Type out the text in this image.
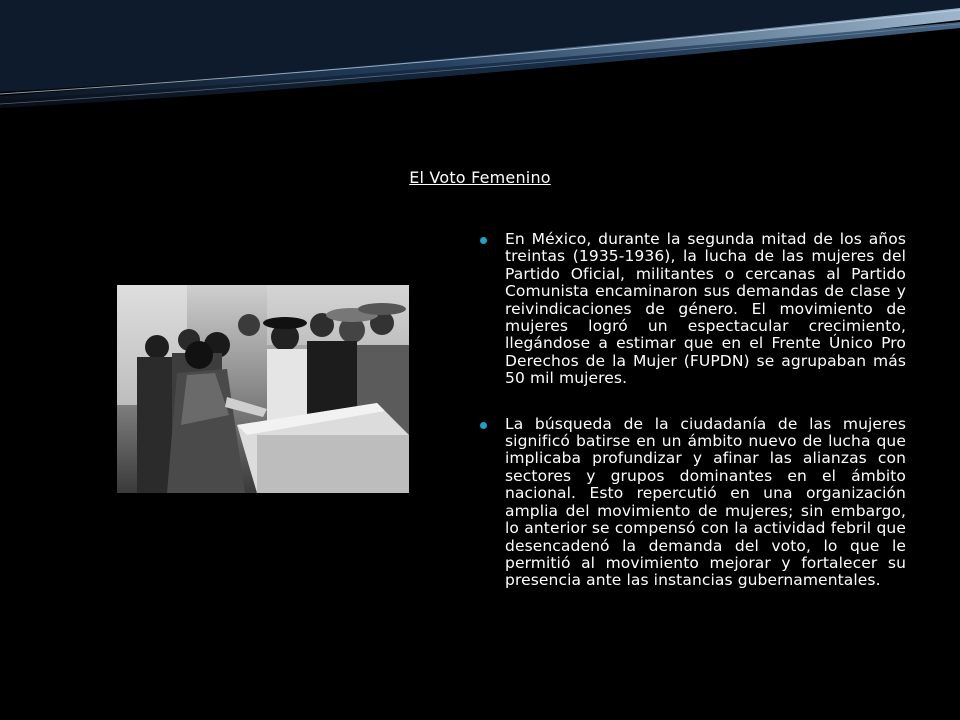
El Voto Femenino
En México, durante la segunda mitad de los años treintas (1935-1936), la lucha de las mujeres del Partido Oficial, militantes o cercanas al Partido Comunista encaminaron sus demandas de clase y reivindicaciones de género. El movimiento de mujeres logró un espectacular crecimiento, llegándose a estimar que en el Frente Único Pro Derechos de la Mujer (FUPDN) se agrupaban más 50 mil mujeres.
La búsqueda de la ciudadanía de las mujeres significó batirse en un ámbito nuevo de lucha que implicaba profundizar y afinar las alianzas con sectores y grupos dominantes en el ámbito nacional. Esto repercutió en una organización amplia del movimiento de mujeres; sin embargo, lo anterior se compensó con la actividad febril que desencadenó la demanda del voto, lo que le permitió al movimiento mejorar y fortalecer su presencia ante las instancias gubernamentales.
